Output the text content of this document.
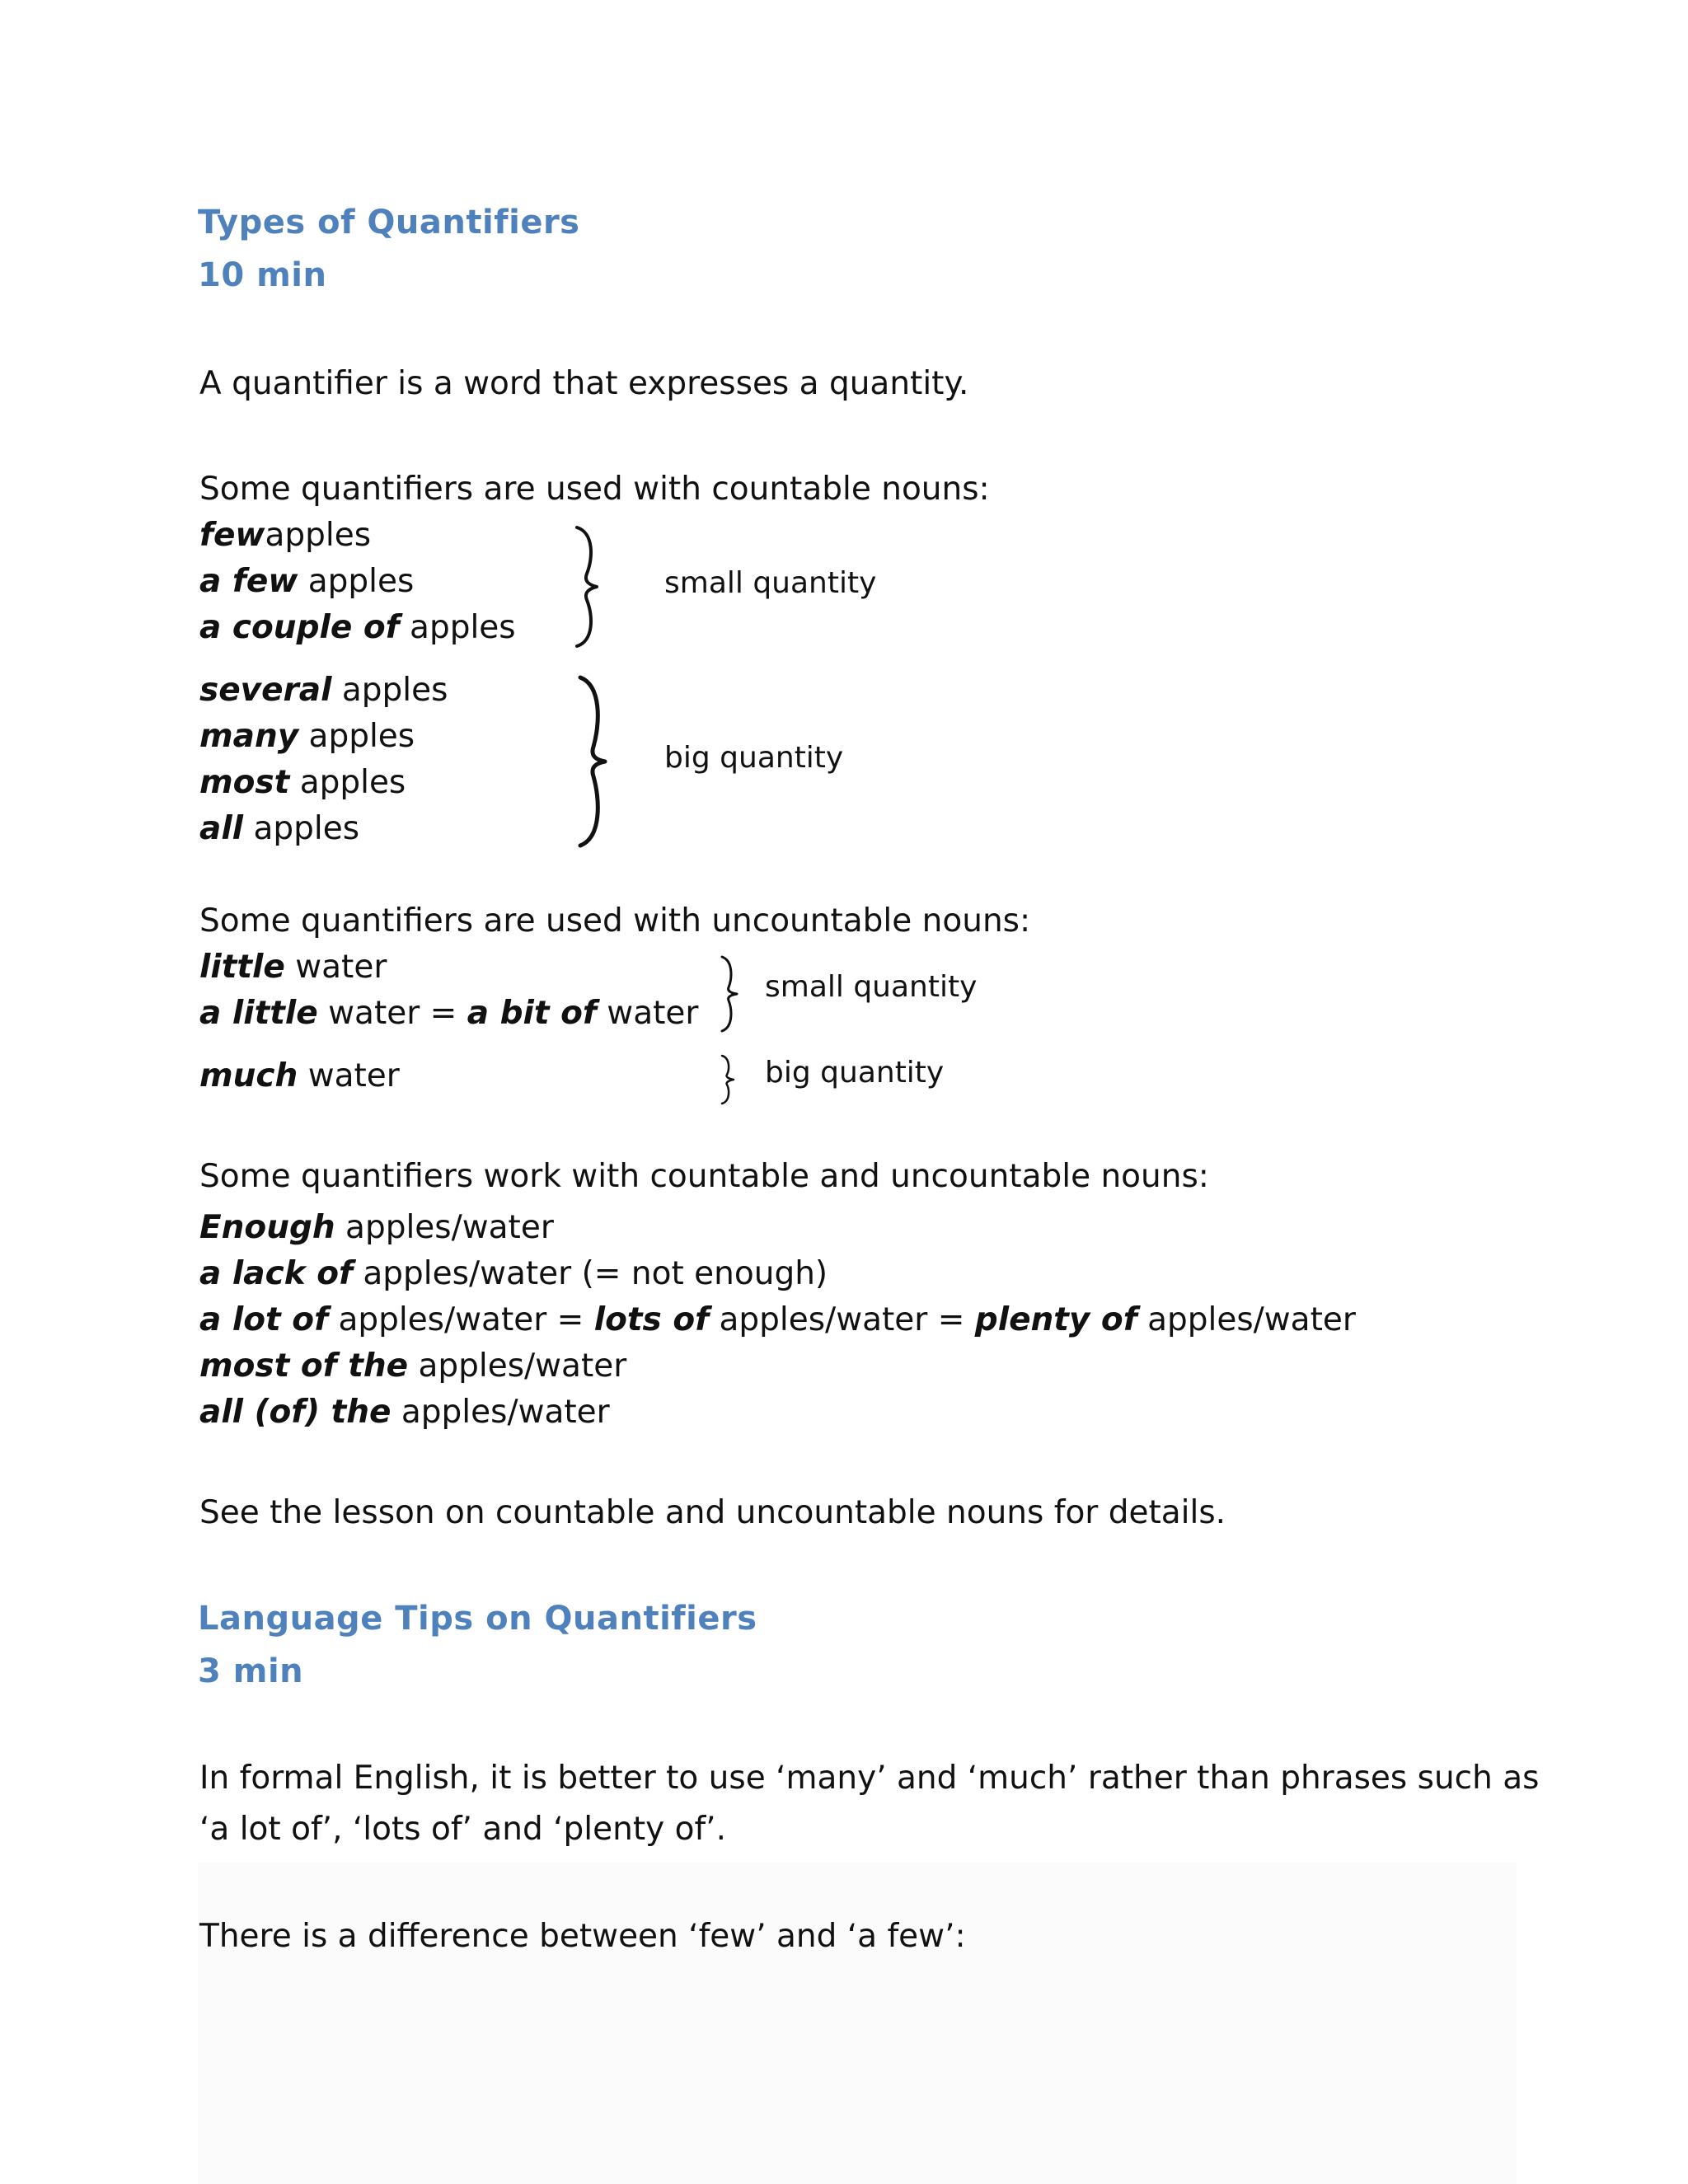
Types of Quantifiers
10 min
A quantifier is a word that expresses a quantity.
Some quantifiers are used with countable nouns:
fewapples
a few apples
a couple of apples
small quantity
several apples
many apples
most apples
all apples
big quantity
Some quantifiers are used with uncountable nouns:
little water
a little water = a bit of water
small quantity
much water	big quantity
Some quantifiers work with countable and uncountable nouns:
Enough apples/water
a lack of apples/water (= not enough)
a lot of apples/water = lots of apples/water = plenty of apples/water
most of the apples/water
all (of) the apples/water
See the lesson on countable and uncountable nouns for details.
Language Tips on Quantifiers
3 min
In formal English, it is better to use ‘many’ and ‘much’ rather than phrases such as
‘a lot of’, ‘lots of’ and ‘plenty of’.
There is a difference between ‘few’ and ‘a few’:
